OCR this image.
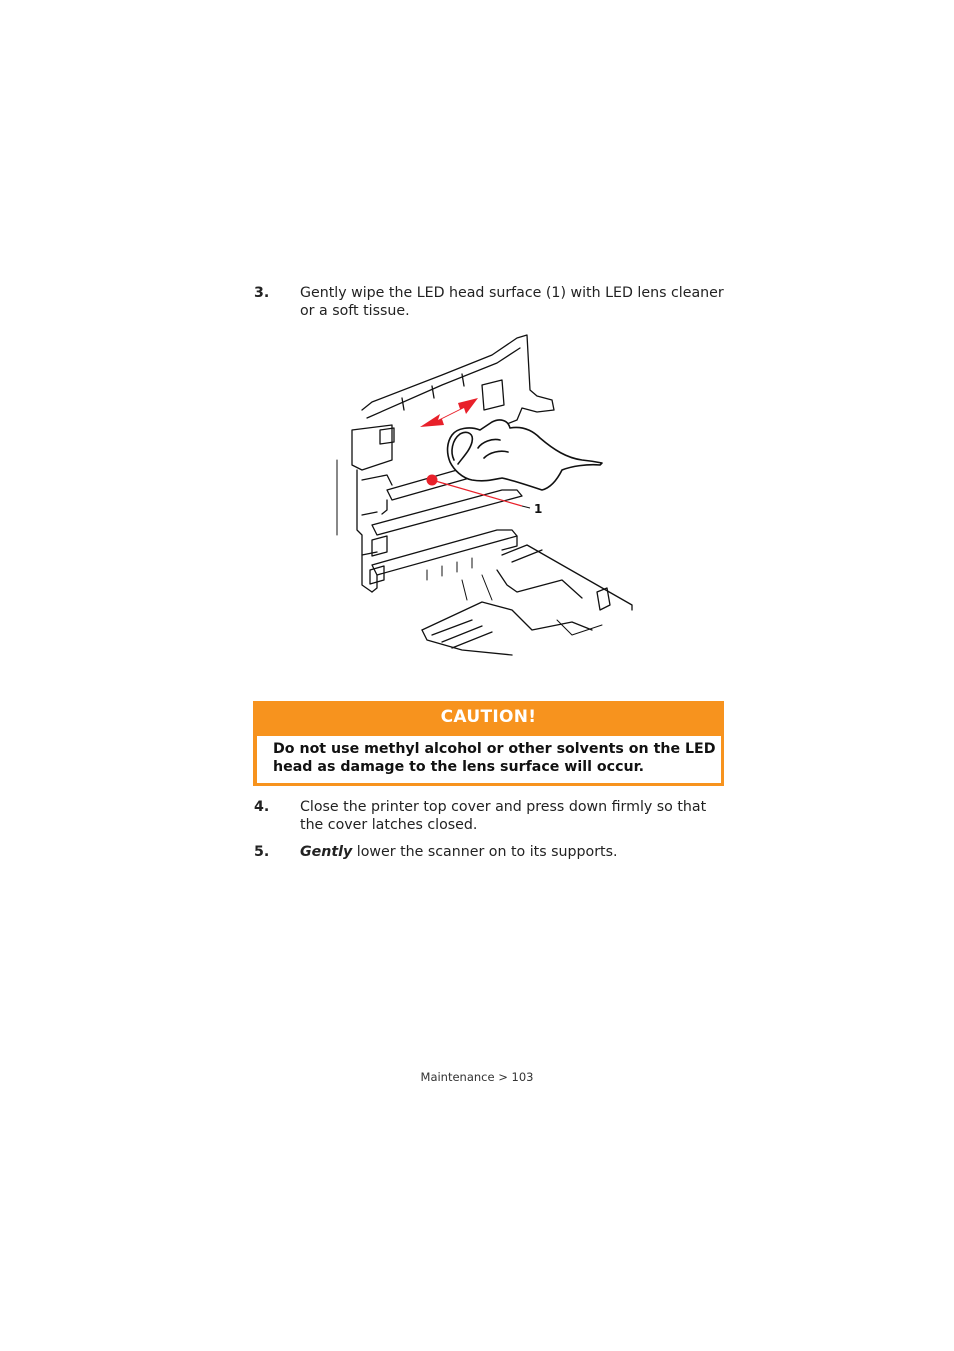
3. Gently wipe the LED head surface (1) with LED lens cleaner or a soft tissue.
1
CAUTION!
Do not use methyl alcohol or other solvents on the LED head as damage to the lens surface will occur.
4. Close the printer top cover and press down firmly so that the cover latches closed.
5. Gently lower the scanner on to its supports.
Maintenance > 103
